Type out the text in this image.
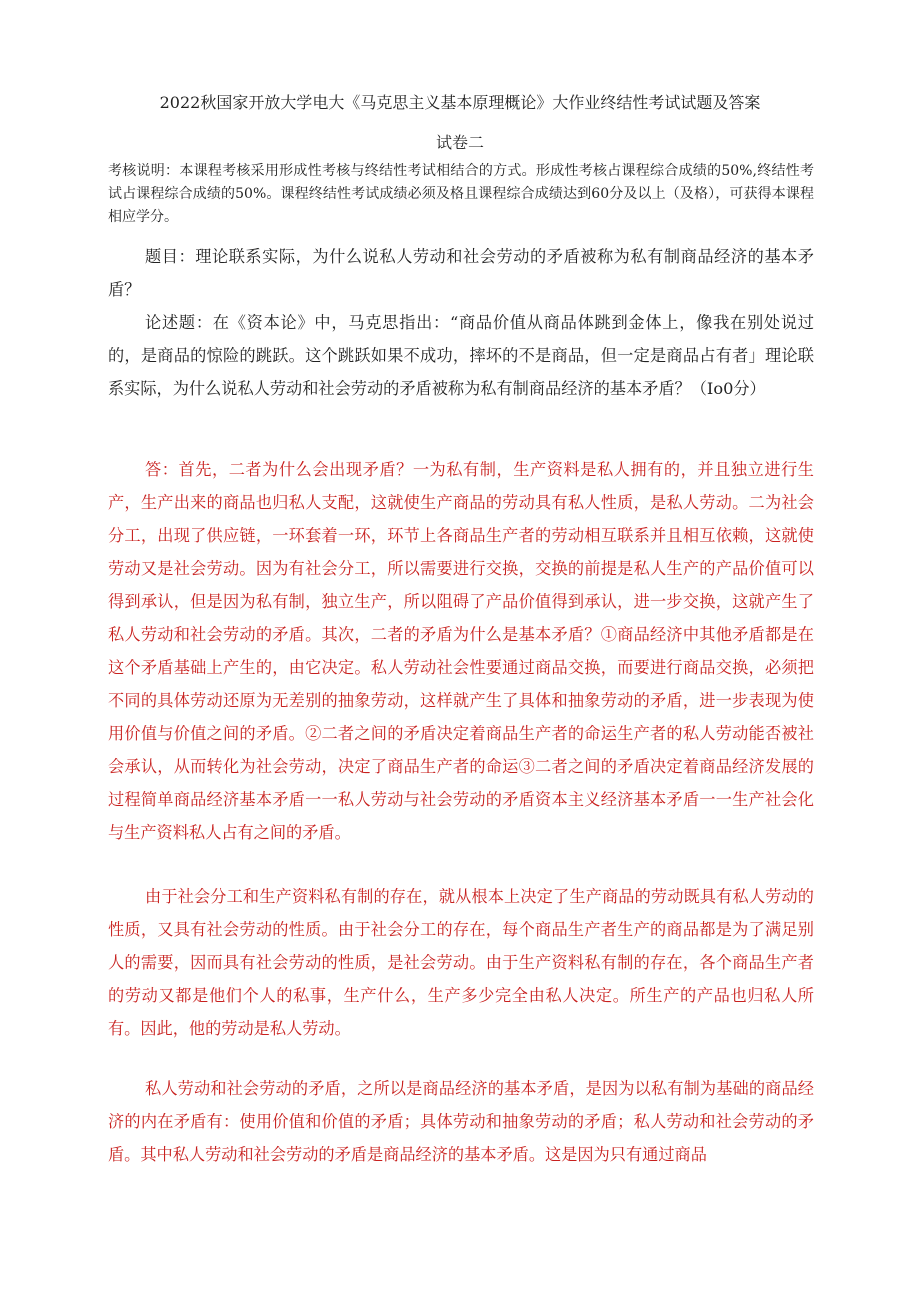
2022秋国家开放大学电大《马克思主义基本原理概论》大作业终结性考试试题及答案
试卷二
考核说明：本课程考核采用形成性考核与终结性考试相结合的方式。形成性考核占课程综合成绩的50%,终结性考试占课程综合成绩的50%。课程终结性考试成绩必须及格且课程综合成绩达到60分及以上（及格），可获得本课程相应学分。
题目：理论联系实际，为什么说私人劳动和社会劳动的矛盾被称为私有制商品经济的基本矛盾？
论述题：在《资本论》中，马克思指出：“商品价值从商品体跳到金体上，像我在别处说过的，是商品的惊险的跳跃。这个跳跃如果不成功，摔坏的不是商品，但一定是商品占有者」理论联系实际，为什么说私人劳动和社会劳动的矛盾被称为私有制商品经济的基本矛盾？（Io0分）
答：首先，二者为什么会出现矛盾？一为私有制，生产资料是私人拥有的，并且独立进行生产，生产出来的商品也归私人支配，这就使生产商品的劳动具有私人性质，是私人劳动。二为社会分工，出现了供应链，一环套着一环，环节上各商品生产者的劳动相互联系并且相互依赖，这就使劳动又是社会劳动。因为有社会分工，所以需要进行交换，交换的前提是私人生产的产品价值可以得到承认，但是因为私有制，独立生产，所以阻碍了产品价值得到承认，进一步交换，这就产生了私人劳动和社会劳动的矛盾。其次，二者的矛盾为什么是基本矛盾？①商品经济中其他矛盾都是在这个矛盾基础上产生的，由它决定。私人劳动社会性要通过商品交换，而要进行商品交换，必须把不同的具体劳动还原为无差别的抽象劳动，这样就产生了具体和抽象劳动的矛盾，进一步表现为使用价值与价值之间的矛盾。②二者之间的矛盾决定着商品生产者的命运生产者的私人劳动能否被社会承认，从而转化为社会劳动，决定了商品生产者的命运③二者之间的矛盾决定着商品经济发展的过程简单商品经济基本矛盾一一私人劳动与社会劳动的矛盾资本主义经济基本矛盾一一生产社会化与生产资料私人占有之间的矛盾。
由于社会分工和生产资料私有制的存在，就从根本上决定了生产商品的劳动既具有私人劳动的性质，又具有社会劳动的性质。由于社会分工的存在，每个商品生产者生产的商品都是为了满足别人的需要，因而具有社会劳动的性质，是社会劳动。由于生产资料私有制的存在，各个商品生产者的劳动又都是他们个人的私事，生产什么，生产多少完全由私人决定。所生产的产品也归私人所有。因此，他的劳动是私人劳动。
私人劳动和社会劳动的矛盾，之所以是商品经济的基本矛盾，是因为以私有制为基础的商品经济的内在矛盾有：使用价值和价值的矛盾；具体劳动和抽象劳动的矛盾；私人劳动和社会劳动的矛盾。其中私人劳动和社会劳动的矛盾是商品经济的基本矛盾。这是因为只有通过商品
